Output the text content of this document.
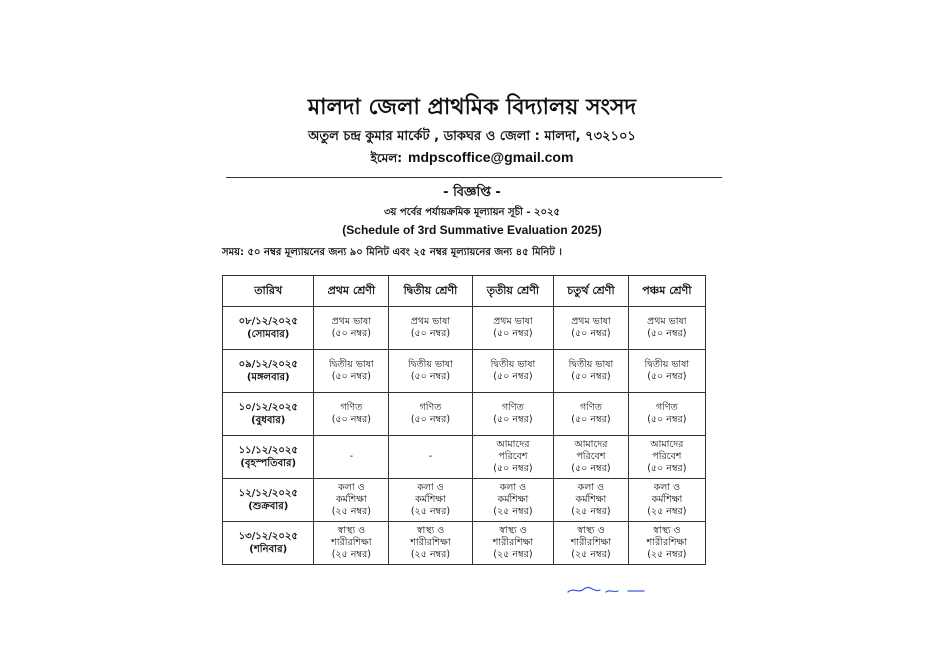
মালদা জেলা প্রাথমিক বিদ্যালয় সংসদ
অতুল চন্দ্র কুমার মার্কেট , ডাকঘর ও জেলা : মালদা, ৭৩২১০১
ইমেল: mdpscoffice@gmail.com
- বিজ্ঞপ্তি -
৩য় পর্বের পর্যায়ক্রমিক মূল্যায়ন সূচী - ২০২৫
(Schedule of 3rd Summative Evaluation 2025)
সময়: ৫০ নম্বর মূল্যায়নের জন্য ৯০ মিনিট এবং ২৫ নম্বর মূল্যায়নের জন্য ৪৫ মিনিট ।
তারিখ	প্রথম শ্রেণী	দ্বিতীয় শ্রেণী	তৃতীয় শ্রেণী	চতুর্থ শ্রেণী	পঞ্চম শ্রেণী

০৮/১২/২০২৫
(সোমবার)	প্রথম ভাষা
(৫০ নম্বর)	প্রথম ভাষা
(৫০ নম্বর)	প্রথম ভাষা
(৫০ নম্বর)	প্রথম ভাষা
(৫০ নম্বর)	প্রথম ভাষা
(৫০ নম্বর)

০৯/১২/২০২৫
(মঙ্গলবার)	দ্বিতীয় ভাষা
(৫০ নম্বর)	দ্বিতীয় ভাষা
(৫০ নম্বর)	দ্বিতীয় ভাষা
(৫০ নম্বর)	দ্বিতীয় ভাষা
(৫০ নম্বর)	দ্বিতীয় ভাষা
(৫০ নম্বর)

১০/১২/২০২৫
(বুধবার)	গণিত
(৫০ নম্বর)	গণিত
(৫০ নম্বর)	গণিত
(৫০ নম্বর)	গণিত
(৫০ নম্বর)	গণিত
(৫০ নম্বর)

১১/১২/২০২৫
(বৃহস্পতিবার)	-	-	আমাদের
পরিবেশ
(৫০ নম্বর)	আমাদের
পরিবেশ
(৫০ নম্বর)	আমাদের
পরিবেশ
(৫০ নম্বর)

১২/১২/২০২৫
(শুক্রবার)	কলা ও
কর্মশিক্ষা
(২৫ নম্বর)	কলা ও
কর্মশিক্ষা
(২৫ নম্বর)	কলা ও
কর্মশিক্ষা
(২৫ নম্বর)	কলা ও
কর্মশিক্ষা
(২৫ নম্বর)	কলা ও
কর্মশিক্ষা
(২৫ নম্বর)

১৩/১২/২০২৫
(শনিবার)	স্বাস্থ্য ও
শারীরশিক্ষা
(২৫ নম্বর)	স্বাস্থ্য ও
শারীরশিক্ষা
(২৫ নম্বর)	স্বাস্থ্য ও
শারীরশিক্ষা
(২৫ নম্বর)	স্বাস্থ্য ও
শারীরশিক্ষা
(২৫ নম্বর)	স্বাস্থ্য ও
শারীরশিক্ষা
(২৫ নম্বর)
